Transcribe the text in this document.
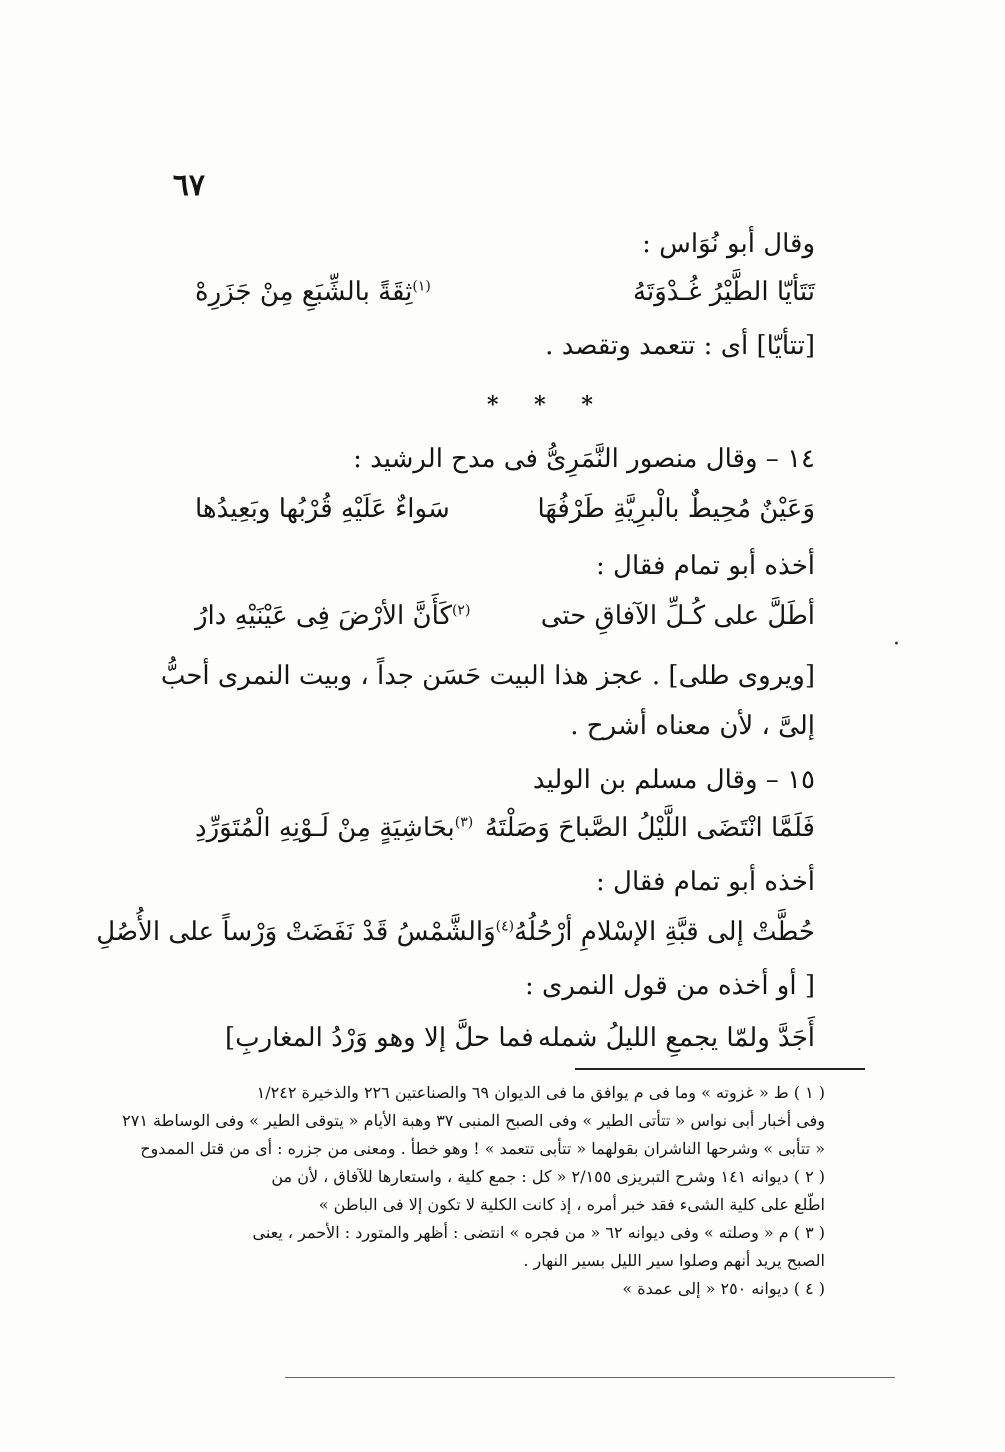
٦٧
وقال أبو نُوَاس :
تَتَأيّا الطَّيْرُ غُـدْوَتَهُ
$^{(١)}$ثِقَةً بالشِّبَعِ مِنْ جَزَرِهْ
[تتأيّا] أى : تتعمد وتقصد .
* * *
١٤ – وقال منصور النَّمَرِىُّ فى مدح الرشيد :
وَعَيْنٌ مُحِيطٌ بالْبرِيَّةِ طَرْفُهَا
سَواءٌ عَلَيْهِ قُرْبُها وبَعِيدُها
أخذه أبو تمام فقال :
أطَلَّ على كُـلِّ الآفاقِ حتى
$^{(٢)}$كَأَنَّ الأرْضَ فِى عَيْنَيْهِ دارُ
·
[ويروى طلى] . عجز هذا البيت حَسَن جداً ، وبيت النمرى أحبُّ
إلىَّ ، لأن معناه أشرح .
١٥ – وقال مسلم بن الوليد
فَلَمَّا انْتَضَى اللَّيْلُ الصَّباحَ وَصَلْتَهُ
$^{(٣)}$بحَاشِيَةٍ مِنْ لَـوْنِهِ الْمُتَوَرِّدِ
أخذه أبو تمام فقال :
حُطَّتْ إلى قبَّةِ الإسْلامِ أرْحُلُهُ
$^{(٤)}$وَالشَّمْسُ قَدْ نَفَضَتْ وَرْساً على الأُصُلِ
[ أو أخذه من قول النمرى :
أَجَدَّ ولمّا يجمعِ الليلُ شمله
فما حلَّ إلا وهو وَرْدُ المغاربِ]
( ١ ) ط « غزوته » وما فى م يوافق ما فى الديوان ٦٩ والصناعتين ٢٢٦ والذخيرة ١/٢٤٢
وفى أخبار أبى نواس « تتأتى الطير » وفى الصبح المنبى ٣٧ وهبة الأيام « يتوقى الطير » وفى الوساطة ٢٧١
« تتأبى » وشرحها الناشران بقولهما « تتأبى تتعمد » ! وهو خطأ . ومعنى من جزره : أى من قتل الممدوح
( ٢ ) ديوانه ١٤١ وشرح التبريزى ٢/١٥٥ « كل : جمع كلية ، واستعارها للآفاق ، لأن من
اطّلع على كلية الشىء فقد خبر أمره ، إذ كانت الكلية لا تكون إلا فى الباطن »
( ٣ ) م « وصلته » وفى ديوانه ٦٢ « من فجره » انتضى : أظهر والمتورد : الأحمر ، يعنى
الصبح يريد أنهم وصلوا سير الليل بسير النهار .
( ٤ ) ديوانه ٢٥٠ « إلى عمدة »
